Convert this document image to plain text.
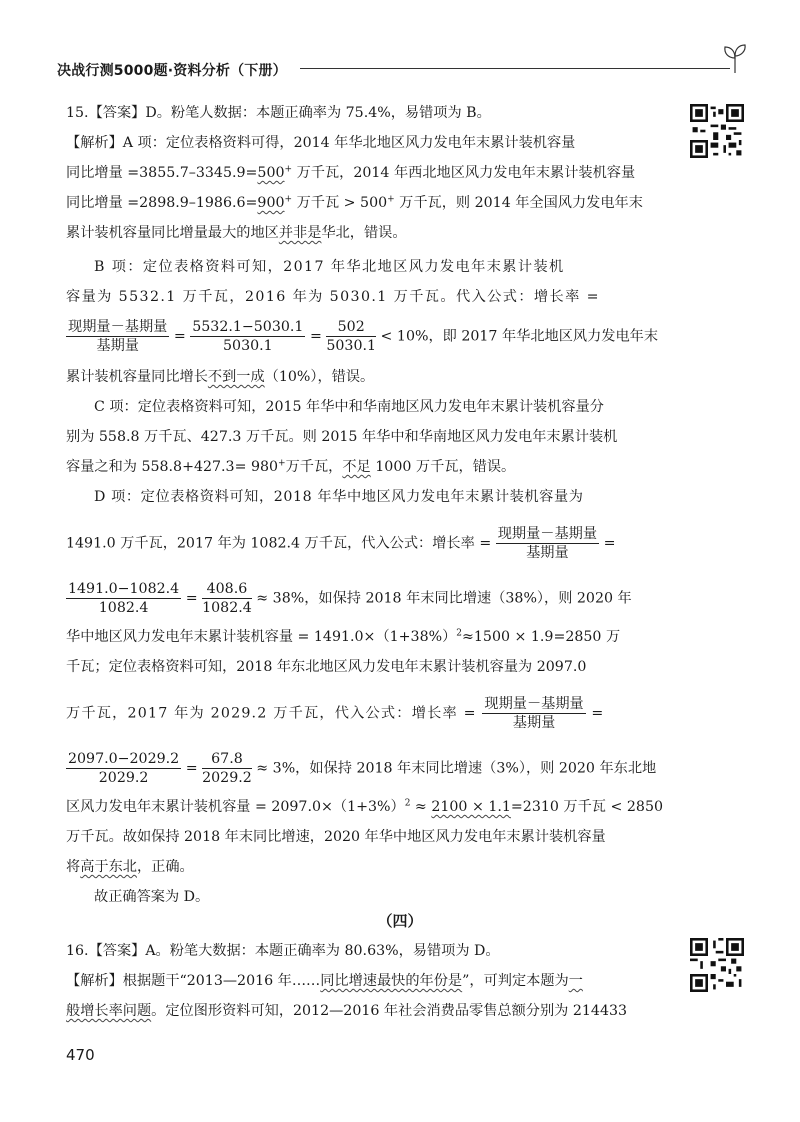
决战行测5000题·资料分析（下册）
15.【答案】D。粉笔人数据：本题正确率为 75.4%，易错项为 B。
【解析】A 项：定位表格资料可得，2014 年华北地区风力发电年末累计装机容量
同比增量 =3855.7–3345.9=500+ 万千瓦，2014 年西北地区风力发电年末累计装机容量
同比增量 =2898.9–1986.6=900+ 万千瓦 > 500+ 万千瓦，则 2014 年全国风力发电年末
累计装机容量同比增量最大的地区并非是华北，错误。
B 项：定位表格资料可知，2017 年华北地区风力发电年末累计装机
容量为 5532.1 万千瓦，2016 年为 5030.1 万千瓦。代入公式：增长率 =
$\frac{\text{现期量－基期量}}{\text{基期量}} = \frac{5532.1-5030.1}{5030.1} = \frac{502}{5030.1} < 10\%$，即 2017 年华北地区风力发电年末
累计装机容量同比增长不到一成（10%），错误。
C 项：定位表格资料可知，2015 年华中和华南地区风力发电年末累计装机容量分
别为 558.8 万千瓦、427.3 万千瓦。则 2015 年华中和华南地区风力发电年末累计装机
容量之和为 558.8+427.3= 980+万千瓦，不足 1000 万千瓦，错误。
D 项：定位表格资料可知，2018 年华中地区风力发电年末累计装机容量为
1491.0 万千瓦，2017 年为 1082.4 万千瓦，代入公式：增长率 = $\frac{\text{现期量－基期量}}{\text{基期量}}$ =
$\frac{1491.0-1082.4}{1082.4} = \frac{408.6}{1082.4} \approx 38\%$，如保持 2018 年末同比增速（38%），则 2020 年
华中地区风力发电年末累计装机容量 = $1491.0\times(1+38\%)^2\approx 1500 \times 1.9=2850$ 万
千瓦；定位表格资料可知，2018 年东北地区风力发电年末累计装机容量为 2097.0
万千瓦，2017 年为 2029.2 万千瓦，代入公式：增长率 = $\frac{\text{现期量－基期量}}{\text{基期量}}$ =
$\frac{2097.0-2029.2}{2029.2} = \frac{67.8}{2029.2} \approx 3\%$，如保持 2018 年末同比增速（3%），则 2020 年东北地
区风力发电年末累计装机容量 = $2097.0\times(1+3\%)^2 \approx 2100 \times 1.1=2310$ 万千瓦 < 2850
万千瓦。故如保持 2018 年末同比增速，2020 年华中地区风力发电年末累计装机容量
将高于东北，正确。
故正确答案为 D。
（四）
16.【答案】A。粉笔大数据：本题正确率为 80.63%，易错项为 D。
【解析】根据题干“2013—2016 年……同比增速最快的年份是”，可判定本题为一
般增长率问题。定位图形资料可知，2012—2016 年社会消费品零售总额分别为 214433
470
